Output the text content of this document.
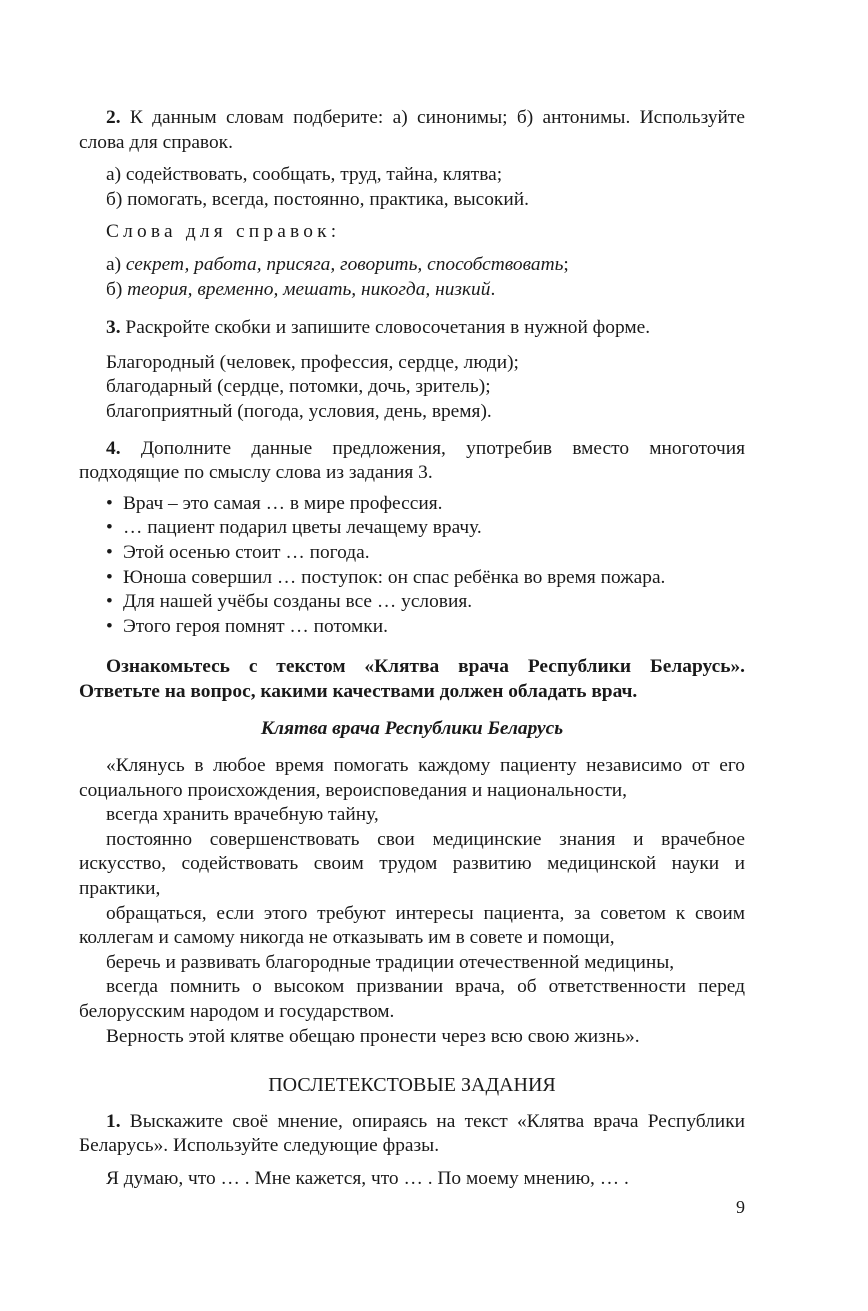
2. К данным словам подберите: а) синонимы; б) антонимы. Используйте слова для справок.

а) содействовать, сообщать, труд, тайна, клятва;

б) помогать, всегда, постоянно, практика, высокий.

Слова для справок:

а) секрет, работа, присяга, говорить, способствовать;

б) теория, временно, мешать, никогда, низкий.

3. Раскройте скобки и запишите словосочетания в нужной форме.

Благородный (человек, профессия, сердце, люди);

благодарный (сердце, потомки, дочь, зритель);

благоприятный (погода, условия, день, время).

4. Дополните данные предложения, употребив вместо многоточия подходящие по смыслу слова из задания 3.

• Врач – это самая … в мире профессия.

• … пациент подарил цветы лечащему врачу.

• Этой осенью стоит … погода.

• Юноша совершил … поступок: он спас ребёнка во время пожара.

• Для нашей учёбы созданы все … условия.

• Этого героя помнят … потомки.

Ознакомьтесь с текстом «Клятва врача Республики Беларусь». Ответьте на вопрос, какими качествами должен обладать врач.

Клятва врача Республики Беларусь

«Клянусь в любое время помогать каждому пациенту независимо от его социального происхождения, вероисповедания и национальности,

всегда хранить врачебную тайну,

постоянно совершенствовать свои медицинские знания и врачебное искусство, содействовать своим трудом развитию медицинской науки и практики,

обращаться, если этого требуют интересы пациента, за советом к своим коллегам и самому никогда не отказывать им в совете и помощи,

беречь и развивать благородные традиции отечественной медицины,

всегда помнить о высоком призвании врача, об ответственности перед белорусским народом и государством.

Верность этой клятве обещаю пронести через всю свою жизнь».

ПОСЛЕТЕКСТОВЫЕ ЗАДАНИЯ

1. Выскажите своё мнение, опираясь на текст «Клятва врача Республики Беларусь». Используйте следующие фразы.

Я думаю, что … . Мне кажется, что … . По моему мнению, … .

9
